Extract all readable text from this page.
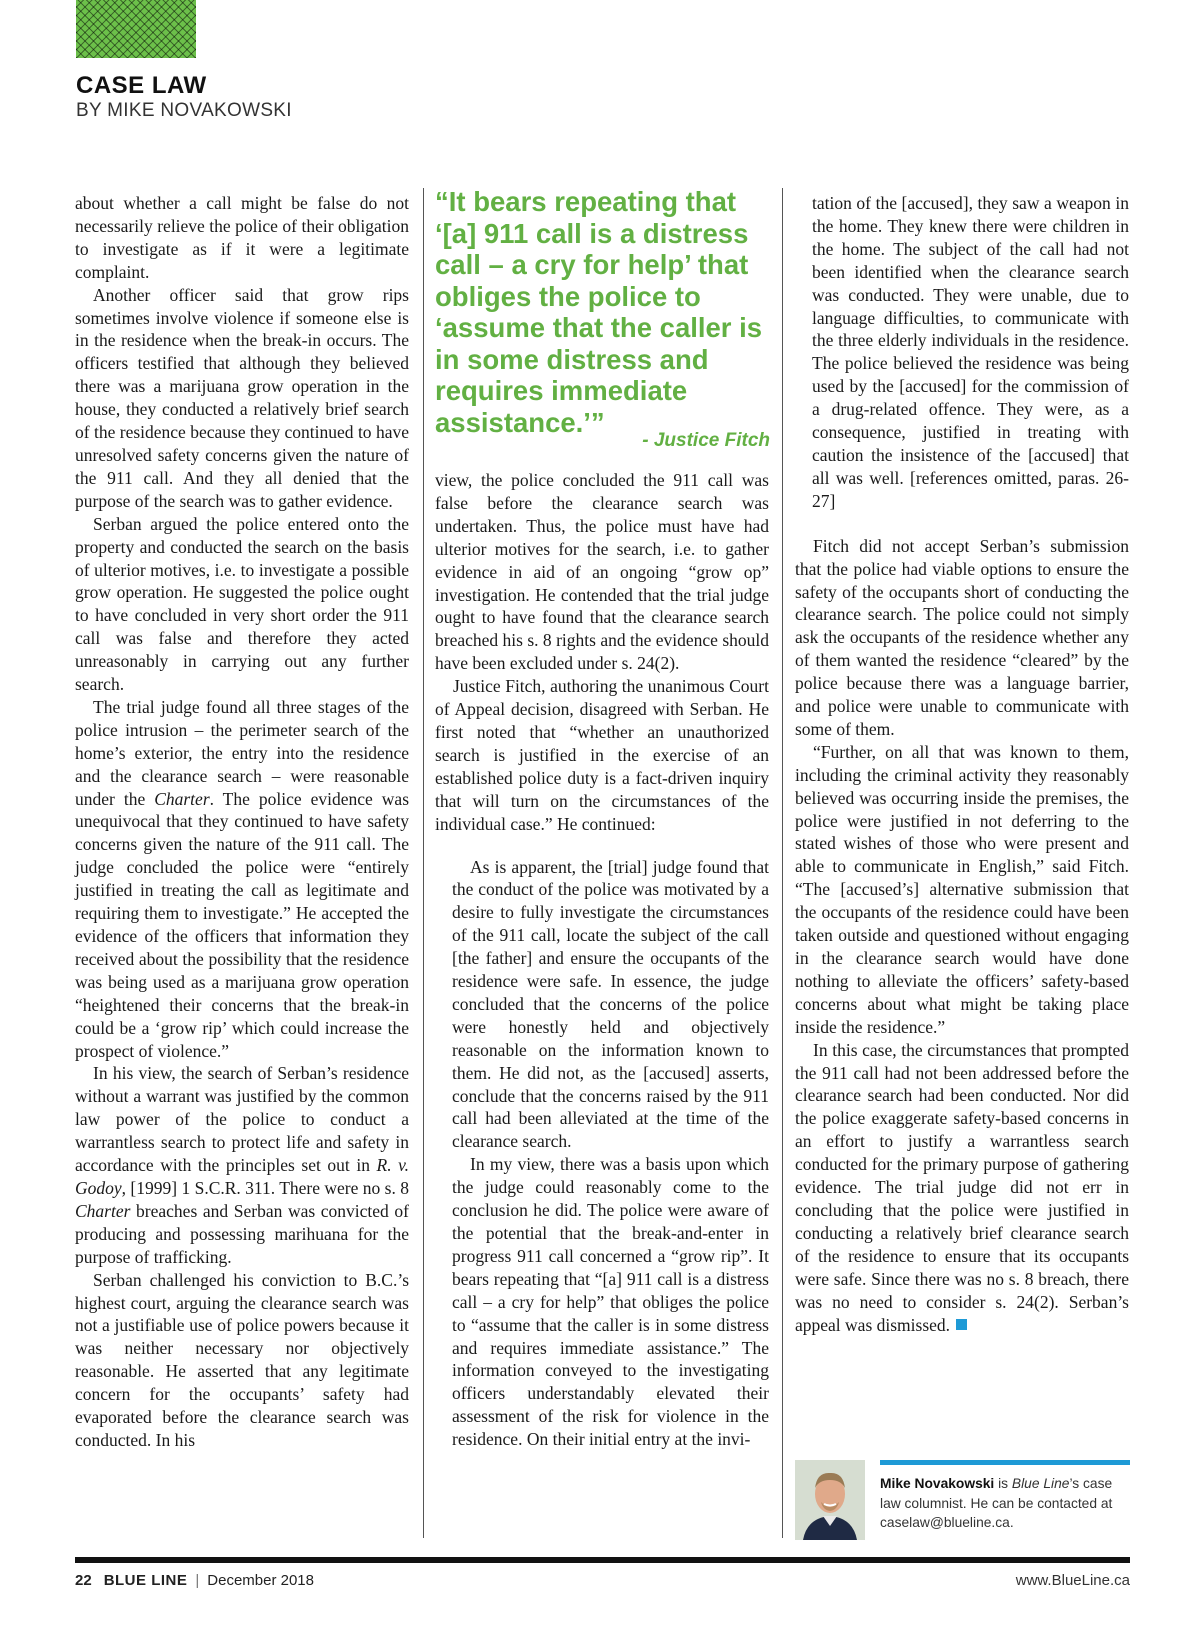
CASE LAW
BY MIKE NOVAKOWSKI

about whether a call might be false do not necessarily relieve the police of their obligation to investigate as if it were a legitimate complaint.

Another officer said that grow rips sometimes involve violence if someone else is in the residence when the break-in occurs. The officers testified that although they believed there was a marijuana grow operation in the house, they conducted a relatively brief search of the residence because they continued to have unresolved safety concerns given the nature of the 911 call. And they all denied that the purpose of the search was to gather evidence.

Serban argued the police entered onto the property and conducted the search on the basis of ulterior motives, i.e. to investigate a possible grow operation. He suggested the police ought to have concluded in very short order the 911 call was false and therefore they acted unreasonably in carrying out any further search.

The trial judge found all three stages of the police intrusion – the perimeter search of the home’s exterior, the entry into the residence and the clearance search – were reasonable under the Charter. The police evidence was unequivocal that they continued to have safety concerns given the nature of the 911 call. The judge concluded the police were “entirely justified in treating the call as legitimate and requiring them to investigate.” He accepted the evidence of the officers that information they received about the possibility that the residence was being used as a marijuana grow operation “heightened their concerns that the break-in could be a ‘grow rip’ which could increase the prospect of violence.”

In his view, the search of Serban’s residence without a warrant was justified by the common law power of the police to conduct a warrantless search to protect life and safety in accordance with the principles set out in R. v. Godoy, [1999] 1 S.C.R. 311. There were no s. 8 Charter breaches and Serban was convicted of producing and possessing marihuana for the purpose of trafficking.

Serban challenged his conviction to B.C.’s highest court, arguing the clearance search was not a justifiable use of police powers because it was neither necessary nor objectively reasonable. He asserted that any legitimate concern for the occupants’ safety had evaporated before the clearance search was conducted. In his

“It bears repeating that ‘[a] 911 call is a distress call – a cry for help’ that obliges the police to ‘assume that the caller is in some distress and requires immediate assistance.’”
- Justice Fitch

view, the police concluded the 911 call was false before the clearance search was undertaken. Thus, the police must have had ulterior motives for the search, i.e. to gather evidence in aid of an ongoing “grow op” investigation. He contended that the trial judge ought to have found that the clearance search breached his s. 8 rights and the evidence should have been excluded under s. 24(2).

Justice Fitch, authoring the unanimous Court of Appeal decision, disagreed with Serban. He first noted that “whether an unauthorized search is justified in the exercise of an established police duty is a fact-driven inquiry that will turn on the circumstances of the individual case.” He continued:

As is apparent, the [trial] judge found that the conduct of the police was motivated by a desire to fully investigate the circumstances of the 911 call, locate the subject of the call [the father] and ensure the occupants of the residence were safe. In essence, the judge concluded that the concerns of the police were honestly held and objectively reasonable on the information known to them. He did not, as the [accused] asserts, conclude that the concerns raised by the 911 call had been alleviated at the time of the clearance search.

In my view, there was a basis upon which the judge could reasonably come to the conclusion he did. The police were aware of the potential that the break-and-enter in progress 911 call concerned a “grow rip”. It bears repeating that “[a] 911 call is a distress call – a cry for help” that obliges the police to “assume that the caller is in some distress and requires immediate assistance.” The information conveyed to the investigating officers understandably elevated their assessment of the risk for violence in the residence. On their initial entry at the invi-

tation of the [accused], they saw a weapon in the home. They knew there were children in the home. The subject of the call had not been identified when the clearance search was conducted. They were unable, due to language difficulties, to communicate with the three elderly individuals in the residence. The police believed the residence was being used by the [accused] for the commission of a drug-related offence. They were, as a consequence, justified in treating with caution the insistence of the [accused] that all was well. [references omitted, paras. 26-27]

Fitch did not accept Serban’s submission that the police had viable options to ensure the safety of the occupants short of conducting the clearance search. The police could not simply ask the occupants of the residence whether any of them wanted the residence “cleared” by the police because there was a language barrier, and police were unable to communicate with some of them.

“Further, on all that was known to them, including the criminal activity they reasonably believed was occurring inside the premises, the police were justified in not deferring to the stated wishes of those who were present and able to communicate in English,” said Fitch. “The [accused’s] alternative submission that the occupants of the residence could have been taken outside and questioned without engaging in the clearance search would have done nothing to alleviate the officers’ safety-based concerns about what might be taking place inside the residence.”

In this case, the circumstances that prompted the 911 call had not been addressed before the clearance search had been conducted. Nor did the police exaggerate safety-based concerns in an effort to justify a warrantless search conducted for the primary purpose of gathering evidence. The trial judge did not err in concluding that the police were justified in conducting a relatively brief clearance search of the residence to ensure that its occupants were safe. Since there was no s. 8 breach, there was no need to consider s. 24(2). Serban’s appeal was dismissed.

Mike Novakowski is Blue Line’s case law columnist. He can be contacted at caselaw@blueline.ca.
22 BLUE LINE | December 2018	www.BlueLine.ca
